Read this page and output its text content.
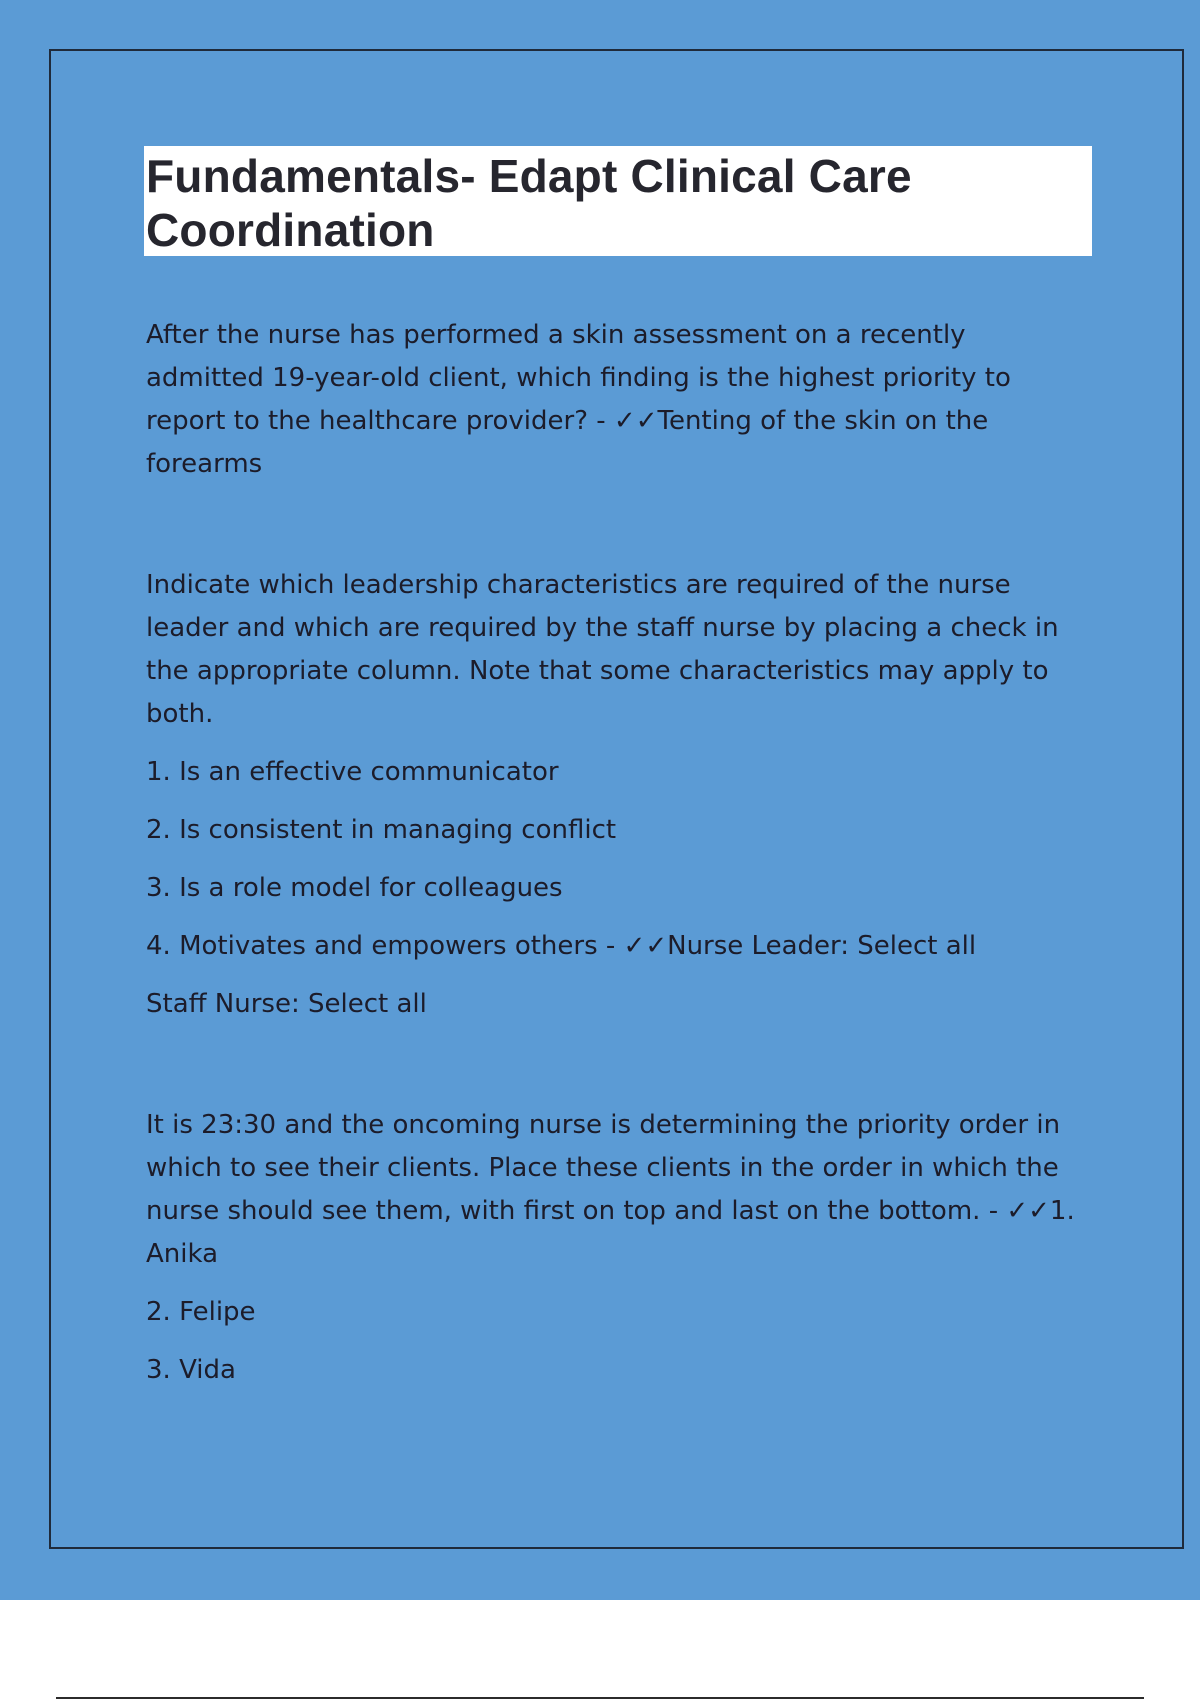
Fundamentals- Edapt Clinical Care Coordination

After the nurse has performed a skin assessment on a recently admitted 19-year-old client, which finding is the highest priority to report to the healthcare provider? - ✓✓Tenting of the skin on the forearms

Indicate which leadership characteristics are required of the nurse leader and which are required by the staff nurse by placing a check in the appropriate column. Note that some characteristics may apply to both.

1. Is an effective communicator

2. Is consistent in managing conflict

3. Is a role model for colleagues

4. Motivates and empowers others - ✓✓Nurse Leader: Select all

Staff Nurse: Select all

It is 23:30 and the oncoming nurse is determining the priority order in which to see their clients. Place these clients in the order in which the nurse should see them, with first on top and last on the bottom. - ✓✓1. Anika

2. Felipe

3. Vida
